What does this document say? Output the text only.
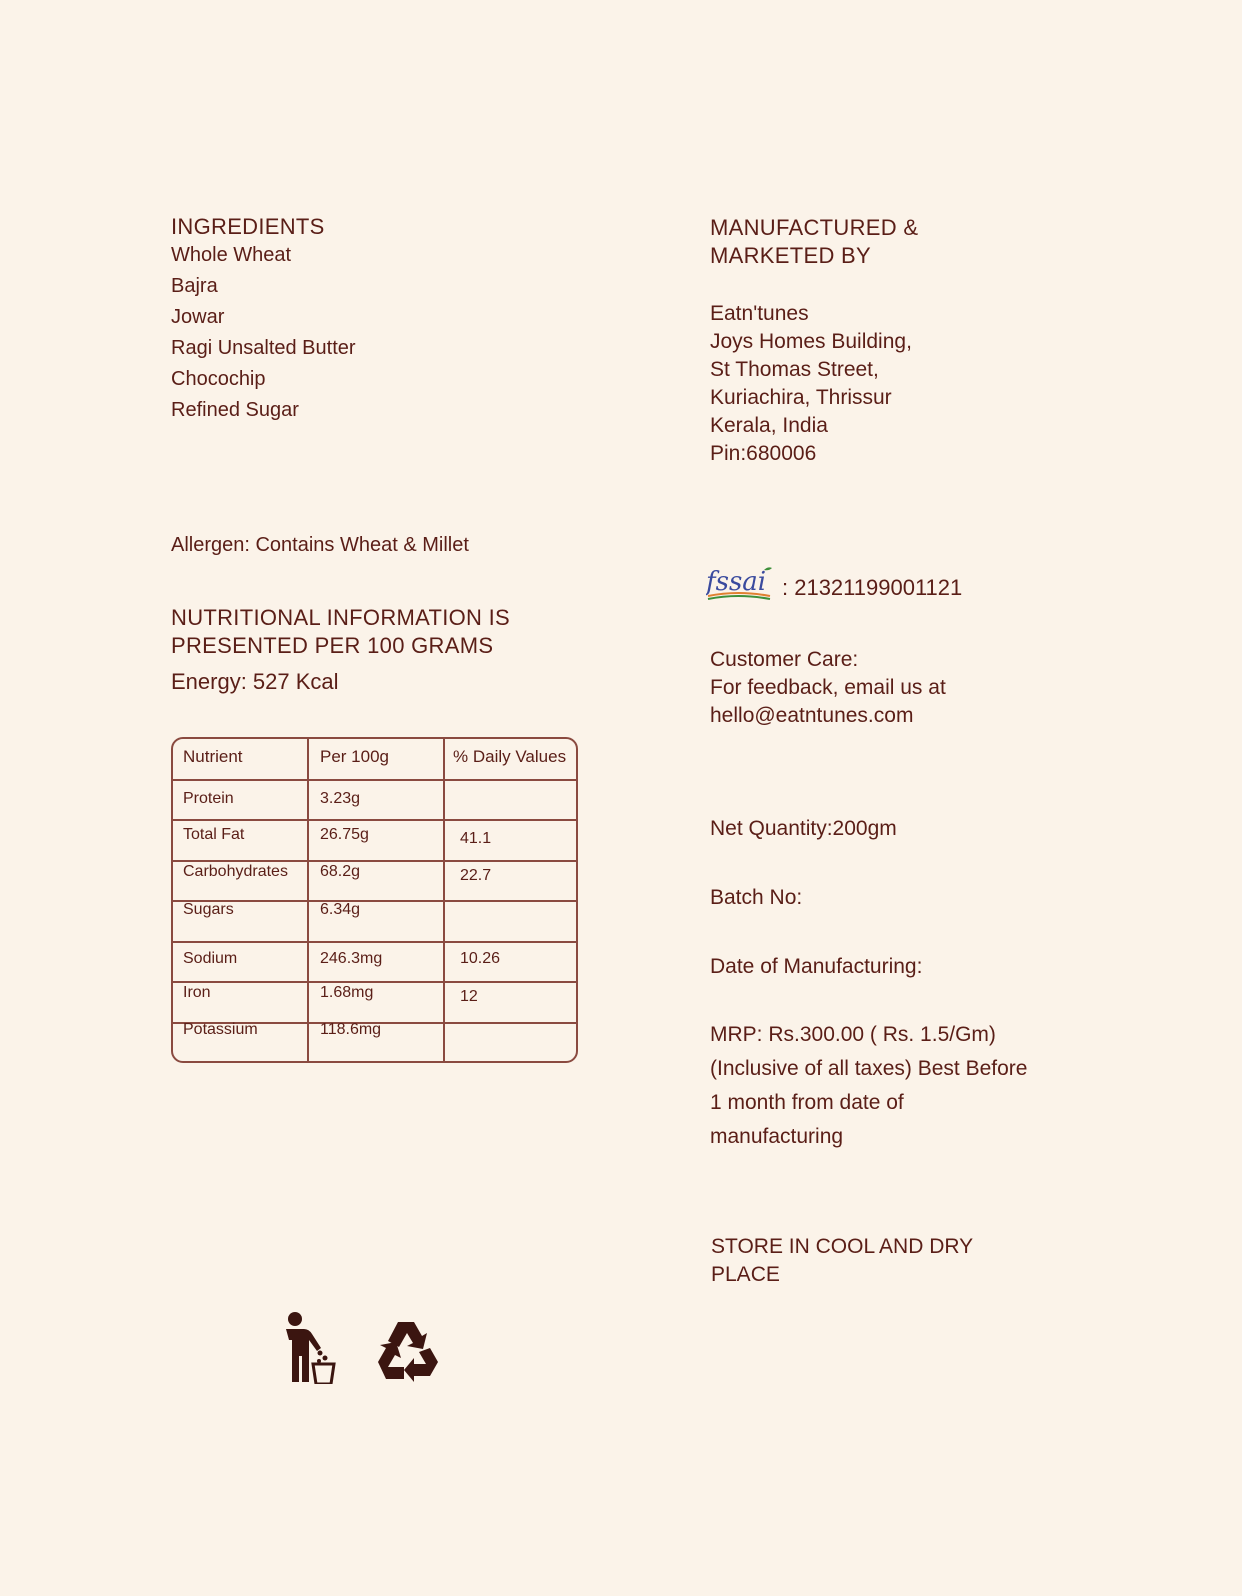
INGREDIENTS
Whole Wheat
Bajra
Jowar
Ragi Unsalted Butter
Chocochip
Refined Sugar
Allergen: Contains Wheat & Millet
NUTRITIONAL INFORMATION IS
PRESENTED PER 100 GRAMS
Energy: 527 Kcal
Nutrient	Per 100g	% Daily Values
Protein	3.23g
Total Fat	26.75g	41.1
Carbohydrates 68.2g	22.7
Sugars	6.34g
Sodium	246.3mg	10.26
Iron	1.68mg	12
Potassium	118.6mg
MANUFACTURED &
MARKETED BY
Eatn'tunes
Joys Homes Building,
St Thomas Street,
Kuriachira, Thrissur
Kerala, India
Pin:680006
fssai : 21321199001121
Customer Care:
For feedback, email us at
hello@eatntunes.com
Net Quantity:200gm
Batch No:
Date of Manufacturing:
MRP: Rs.300.00 ( Rs. 1.5/Gm)
(Inclusive of all taxes) Best Before
1 month from date of
manufacturing
STORE IN COOL AND DRY
PLACE
